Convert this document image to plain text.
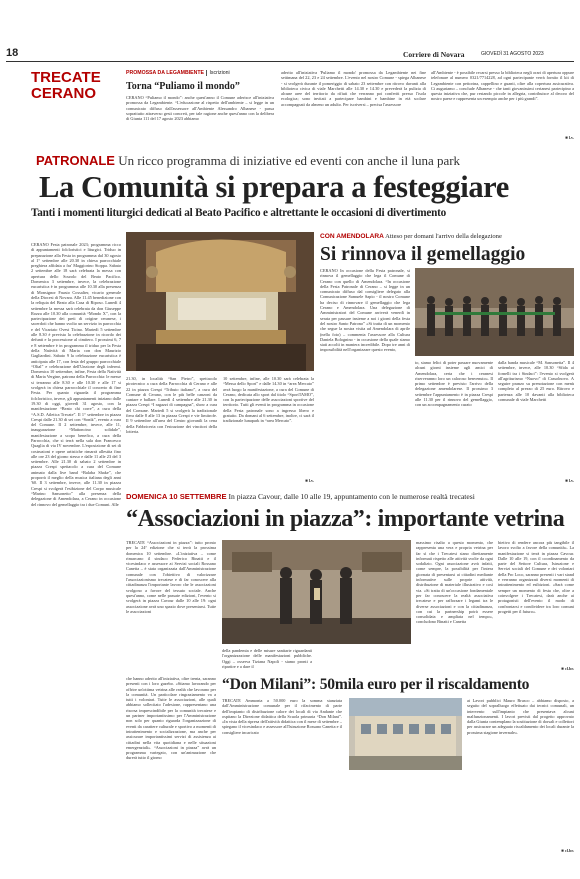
18	Corriere di Novara	GIOVEDÌ 31 AGOSTO 2023
TRECATE
CERANO
PROMOSSA DA LEGAMBIENTE Iscrizioni
Torna “Puliamo il mondo”
CERANO “Puliamo il mondo”: anche quest'anno il Comune aderisce all'iniziativa promossa da Legambiente. “L'educazione al rispetto dell'ambiente – si legge in un comunicato diffuso dall'assessore all'Ambiente Alessandro Albanese - passa soprattutto attraverso gesti concreti, per tale ragione anche quest'anno con la delibera di Giunta 111 del 17 agosto 2023 abbiamo
aderito all'iniziativa 'Puliamo il mondo' promossa da Legambiente nei fine settimana del 22, 23 e 24 settembre. L'evento nel nostro Comune - spiega Albanese - si svolgerà durante il pomeriggio di sabato 23 settembre con ritrovo davanti alla biblioteca civica di viale Marchetti alle 14.30 e 14.30 e prevederà la pulizia di alcune aree del territorio da rifiuti che verranno poi conferiti presso l'isola ecologica; sono invitati a partecipare bambini e bambine in età scolare accompagnati da almeno un adulto. Per iscriversi – precisa l'assessore
all'Ambiente - è possibile recarsi presso la biblioteca negli orari di apertura oppure telefonare al numero 0321/7714228, ad ogni partecipante verrà fornito il kit di Legambiente con pettorina, cappellino e guanti, oltre alla copertura assicurativa. Ci auguriamo – conclude Albanese - che tanti giovanissimi cerianesi partecipino a questa iniziativa che, pur restando piccole in allegria, contribuisce al decoro del nostro paese e rappresenta un esempio anche per i più grandi”.
■ l.v.
PATRONALE Un ricco programma di iniziative ed eventi con anche il luna park
La Comunità si prepara a festeggiare
Tanti i momenti liturgici dedicati al Beato Pacifico e altrettante le occasioni di divertimento
CERANO Festa patronale 2023; programma ricco di appuntamenti folcloristici e liturgici. Triduo in preparazione alla Festa in programma dal 30 agosto al 1° settembre alle 20.30 in chiesa parrocchiale preghiera affidata a fra' Maggiorino Stoppa. Sabato 2 settembre alle 18 sarà celebrata la messa con apertura dello Scurolo del Beato Pacifico. Domenica 3 settembre, invece, la celebrazione eucaristica è in programma alle 10.30 alla presenza di Monsignor Fausto Cossalter, vicario generale della Diocesi di Novara. Alle 11.45 benedizione con la reliquia del Beato alla Casa di Riposo. Lunedì 4 settembre la messa sarà celebrata da don Giuseppe Rozza alle 10.30 alla comunità “Mondo X”, con la partecipazione dei preti di origine ceranese, i sacerdoti che hanno svolto un servizio in parrocchia e del Vicariato Ovest Ticino. Martedì 5 settembre alle 8.30 è prevista la celebrazione in ricordo dei defunti e la processione al cimitero. I prossimi 6, 7 e 8 settembre è in programma il triduo per la Festa della Natività di Maria con don Maurizio Gagliardini. Sabato 9 la celebrazione eucaristica è anticipata alle 17, con festa del gruppo parrocchiale “Oltal” e celebrazione dell'Unzione degli infermi. Domenica 10 settembre, infine, Festa della Natività di Maria Vergine, patrona della Parrocchia: le messe si terranno alle 8.30 e alle 10.30 e alle 17 si svolgerà in chiesa parrocchiale il concerto di fine Festa. Per quanto riguarda il programma folcloristico, invece, gli appuntamenti iniziano dalle 19.30 di oggi, giovedì 31 agosto, con la manifestazione “Beato chi corre”, a cura della “A.S.D. Atletica Trecate”. Il 1° settembre in piazza Crespi dalle 21.30 di sei con “Sonik”, evento a cura del Comune. Il 2 settembre, invece, alle 11, inaugurazione “Mattoncino solidale”, manifestazione a scopo benefico, a cura della Parrocchia, che si terrà nella sala don Francesco Quaglia di via IV novembre. L'esposizione di set di costruzioni e opere artistiche rimarrà allestita fino alle ore 23 del giorno stesso e dalle 11 alle 23 del 3 settembre. Alle 21.30 di sabato 2 settembre in piazza Crespi spettacolo a cura del Comune animato dalla live band “Balaba Shake”, che proporrà il meglio della musica italiana degli anni '60. Il 3 settembre, invece, alle 11.30 in piazza Crespi si svolgerà l'esibizione del Corpo musicale “Marino Sansonetto” alla presenza della delegazione di Amendolara, a Cerano in occasione del rinnovo del gemellaggio tra i due Comuni. Alle
21.30, in località “San Pietro”, spettacolo pirotecnico a cura della Parrocchia di Cerano e alle 22 in piazza Crespi “Tributo italiano”, a cura del Comune di Cerano, con le più belle canzoni da cantare e ballare. Lunedì 4 settembre alle 21.30 in piazza Crespi “I ragazzi di campagna”, show a cura del Comune. Martedì 5 si svolgerà la tradizionale fiera dalle 8 alle 13 in piazza Crespi e vie limitrofe. Il 9 settembre all'area del Centro giovanili la cena della Fabbriceria con l'estrazione dei vincitori della lotteria.
10 settembre, infine, alle 10.30 sarà celebrata la “Messa dello Sport” e dalle 14.30 in “area Mercato” avrà luogo la manifestazione, a cura del Comune di Cerano, dedicata allo sport dal titolo “SportTAMO”, con la partecipazione delle associazioni sportive del territorio. Tutti gli eventi in programma in occasione della Festa patronale sono a ingresso libero e gratuito. Da domani al 6 settembre, inoltre, ci sarà il tradizionale lunapark in “area Mercato”.
■ l.v.
CON AMENDOLARA Atteso per domani l'arrivo della delegazione
Si rinnova il gemellaggio
CERANO In occasione della Festa patronale, si rinnova il gemellaggio che lega il Comune di Cerano con quello di Amendolara. “In occasione della Festa Patronale di Cerano – si legge in un comunicato diffuso dal consigliere delegato alla Comunicazione Samuele Sapio - il nostro Comune ha deciso di rinnovare il gemellaggio che lega Cerano e Amendolara. Una delegazione di Amministratori del Comune arriverà venerdì in serata per passare insieme a noi i giorni della festa del nostro Santo Patrono” «Si tratta di un momento che segue la nostra visita ad Amendolara di aprile (nella foto) – commenta l'assessore alla Cultura Daniela Bolognino - in occasione della quale siamo stati accolti in maniera incredibile. Dopo tre anni di impossibilità nell'organizzare questo evento,
to, siamo felici di poter passare nuovamente alcuni giorni insieme agli amici di Amendolara, certa che i ceranesi riserveranno loro un caloroso benvenuto». Il primo settembre è previsto l'arrivo della delegazione amendolarese. Il prossimo 3 settembre l'appuntamento è in piazza Crespi alle 11.30 per il rinnovo del gemellaggio, con un accompagnamento curato
dalla banda musicale “M. Sansonetta”. Il 4 settembre, invece, alle 10.30 “Sfida ai fornelli tra i Sindaci”: l'evento si svolgerà all'agriturismo “Nuovo” di Cassolnovo. A seguire pranzo su prenotazione con menù completo al prezzo di 25 euro. Ritrovo e partenza alle 10 davanti alla biblioteca comunale di viale Marchetti
■ l.v.
DOMENICA 10 SETTEMBRE In piazza Cavour, dalle 10 alle 19, appuntamento con le numerose realtà trecatesi
“Associazioni in piazza”: importante vetrina
TRECATE “Associazioni in piazza”: tutto pronto per la 24ª edizione che si terrà la prossima domenica 10 settembre. «L'iniziativa – come rimarcano il sindaco Federico Binatti e il vicesindaco e assessore ai Servizi sociali Rossano Canetta – è stata organizzata dall'Amministrazione comunale con l'obiettivo di valorizzare l'associazionismo trecatese e di far conoscere alla cittadinanza l'importante lavoro che le associazioni svolgono a favore del tessuto sociale. Anche quest'anno, come nelle passate edizioni, l'evento si svolgerà in piazza Cavour dalle 10 alle 19: ogni associazione avrà uno spazio dove presentarsi. Tutte le associazioni
che hanno aderito all'iniziativa, oltre trenta, saranno presenti con i loro gazebo. «Stiamo lavorando per offrire un'ottima vetrina alle realtà che lavorano per la comunità. Un particolare ringraziamento va a tutti i volontari. Tutte le associazioni, alle quali abbiamo sollecitato l'adesione, rappresentano una risorsa imprescindibile per la comunità trecatese e un partner importantissimo per l'Amministrazione non solo per quanto riguarda l'organizzazione di eventi da carattere culturale e sportivo a momenti di intrattenimento e socializzazione, ma anche per assicurare importantissimi servizi di assistenza ai cittadini nella vita quotidiana e nelle situazioni emergenziali». “Associazioni in piazza” avrà un programma variegato, con un'animazione che durerà tutto il giorno
della pandemia e delle misure sanitarie riguardanti l'organizzazione delle manifestazioni pubbliche. Oggi – osserva Tiziana Napoli - siamo pronti a ripartire e a dare il
massimo risalto a questo momento, che rappresenta una vera e propria vetrina per far sì che i Trecatesi siano direttamente informati rispetto alle attività svolte da ogni sodalizio. Ogni associazione avrà infatti, come sempre, la possibilità per l'intera giornata di presentarsi ai cittadini mediante informative sulle proprie attività, distribuzione di materiale illustrativo e così via. «Si tratta di un'occasione fondamentale per far conoscere la realtà associativa trecatese e per rafforzare i legami tra le diverse associazioni e con la cittadinanza, con cui la partnership potrà essere consolidata e ampliata nel tempo», concludono Binatti e Canetta
bietivo di rendere ancora più tangibile il lavoro svolto a favore della comunità». La manifestazione si terrà in piazza Cavour. Dalle 10 alle 19, con il coordinamento da parte del Settore Cultura, Istruzione e Servizi sociali del Comune e dei volontari della Pro Loco, saranno presenti i vari stand e verranno organizzati diversi momenti di intrattenimento ed esibizioni. «Sarà come sempre un momento di festa che, oltre a coinvolgere i Trecatesi, darà anche ai protagonisti dell'evento il modo di confrontarsi e condividere tra loro comuni progetti per il futuro».
■ cl.br.
“Don Milani”: 50mila euro per il riscaldamento
TRECATE Ammonta a 50.000 euro la somma stanziata dall'Amministrazione comunale per il rifacimento di parte dell'impianto di distribuzione calore dei locali di via Andante che ospitano la Direzione didattica della Scuola primaria “Don Milani”. «In vista della ripresa dell'attività didattica con il mese di settembre – spiegano il vicesindaco e assessore all'Istruzione Rossano Canetta e il consigliere incaricato
ai Lavori pubblici Mauro Brusco – abbiamo disposto, a seguito del sopralluogo effettuato dai tecnici comunali, un intervento sull'impianto che presentava alcuni malfunzionamenti. I lavori previsti dal progetto approvato dalla Giunta contemplano la sostituzione di dorsali e collettori per assicurare un adeguato riscaldamento dei locali durante la prossima stagione invernale».
■ cl.br.
